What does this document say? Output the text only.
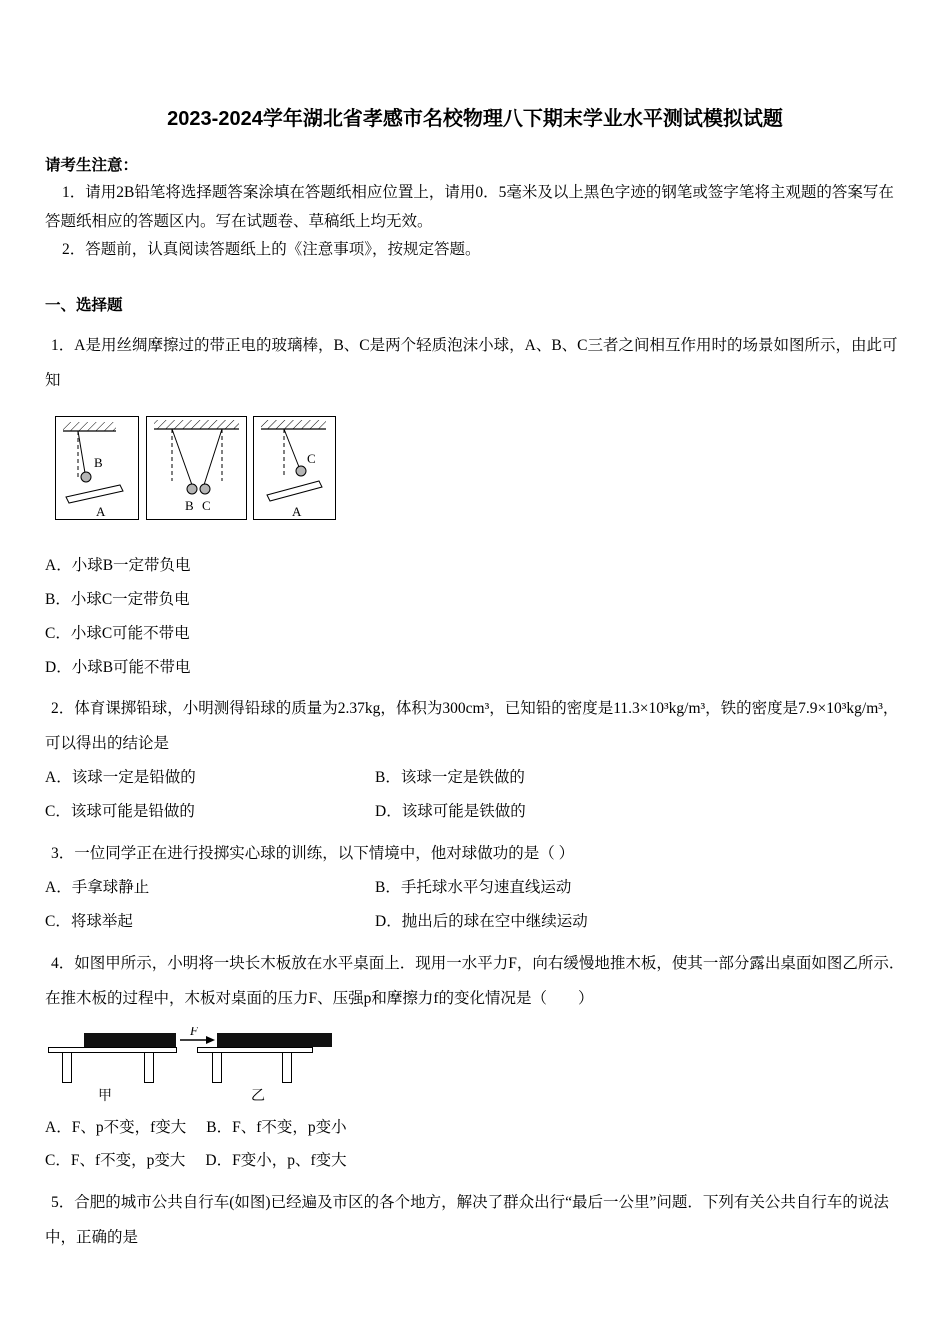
2023-2024学年湖北省孝感市名校物理八下期末学业水平测试模拟试题

请考生注意：

1．请用2B铅笔将选择题答案涂填在答题纸相应位置上，请用0．5毫米及以上黑色字迹的钢笔或签字笔将主观题的答案写在答题纸相应的答题区内。写在试题卷、草稿纸上均无效。

2．答题前，认真阅读答题纸上的《注意事项》，按规定答题。

一、选择题

1．A是用丝绸摩擦过的带正电的玻璃棒，B、C是两个轻质泡沫小球，A、B、C三者之间相互作用时的场景如图所示，由此可知

B
A	B C
C
A

A．小球B一定带负电

B．小球C一定带负电

C．小球C可能不带电

D．小球B可能不带电

2．体育课掷铅球，小明测得铅球的质量为2.37kg，体积为300cm³，已知铅的密度是11.3×10³kg/m³，铁的密度是7.9×10³kg/m³，可以得出的结论是

A．该球一定是铅做的	B．该球一定是铁做的
C．该球可能是铅做的	D．该球可能是铁做的

3．一位同学正在进行投掷实心球的训练，以下情境中，他对球做功的是（ ）

A．手拿球静止	B．手托球水平匀速直线运动
C．将球举起	D．抛出后的球在空中继续运动

4．如图甲所示，小明将一块长木板放在水平桌面上．现用一水平力F，向右缓慢地推木板，使其一部分露出桌面如图乙所示．在推木板的过程中，木板对桌面的压力F、压强p和摩擦力f的变化情况是（　　）

甲
F
乙
A．F、p不变，f变大 B．F、f不变，p变小
C．F、f不变，p变大 D．F变小，p、f变大

5．合肥的城市公共自行车(如图)已经遍及市区的各个地方，解决了群众出行“最后一公里”问题．下列有关公共自行车的说法中，正确的是
